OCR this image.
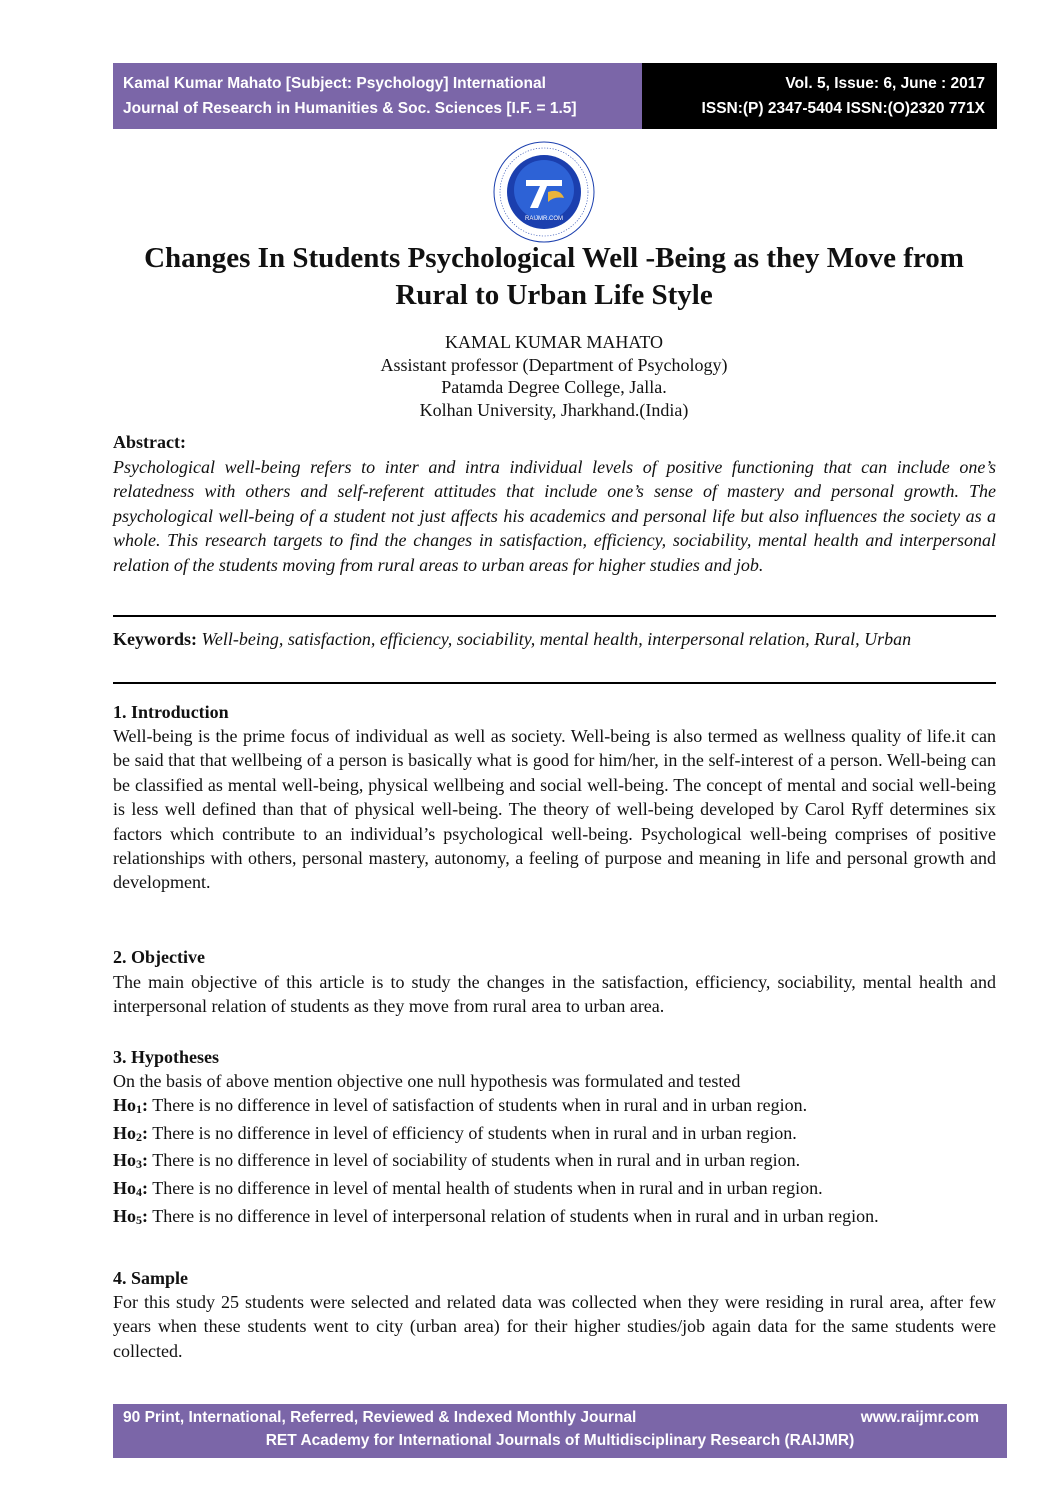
Kamal Kumar Mahato [Subject: Psychology] International
Journal of Research in Humanities & Soc. Sciences [I.F. = 1.5]
Vol. 5, Issue: 6, June : 2017
ISSN:(P) 2347-5404 ISSN:(O)2320 771X
RAIJMR.COM
Changes In Students Psychological Well -Being as they Move from Rural to Urban Life Style
KAMAL KUMAR MAHATO
Assistant professor (Department of Psychology)
Patamda Degree College, Jalla.
Kolhan University, Jharkhand.(India)
Abstract:

Psychological well-being refers to inter and intra individual levels of positive functioning that can include one’s relatedness with others and self-referent attitudes that include one’s sense of mastery and personal growth. The psychological well-being of a student not just affects his academics and personal life but also influences the society as a whole. This research targets to find the changes in satisfaction, efficiency, sociability, mental health and interpersonal relation of the students moving from rural areas to urban areas for higher studies and job.

Keywords: Well-being, satisfaction, efficiency, sociability, mental health, interpersonal relation, Rural, Urban

1. Introduction

Well-being is the prime focus of individual as well as society. Well-being is also termed as wellness quality of life.it can be said that that wellbeing of a person is basically what is good for him/her, in the self-interest of a person. Well-being can be classified as mental well-being, physical wellbeing and social well-being. The concept of mental and social well-being is less well defined than that of physical well-being. The theory of well-being developed by Carol Ryff determines six factors which contribute to an individual’s psychological well-being. Psychological well-being comprises of positive relationships with others, personal mastery, autonomy, a feeling of purpose and meaning in life and personal growth and development.

2. Objective

The main objective of this article is to study the changes in the satisfaction, efficiency, sociability, mental health and interpersonal relation of students as they move from rural area to urban area.

3. Hypotheses
On the basis of above mention objective one null hypothesis was formulated and tested
$Ho_1$: There is no difference in level of satisfaction of students when in rural and in urban region.
$Ho_2$: There is no difference in level of efficiency of students when in rural and in urban region.
$Ho_3$: There is no difference in level of sociability of students when in rural and in urban region.
$Ho_4$: There is no difference in level of mental health of students when in rural and in urban region.
$Ho_5$: There is no difference in level of interpersonal relation of students when in rural and in urban region.
4. Sample

For this study 25 students were selected and related data was collected when they were residing in rural area, after few years when these students went to city (urban area) for their higher studies/job again data for the same students were collected.

90 Print, International, Referred, Reviewed & Indexed Monthly Journal	www.raijmr.com
RET Academy for International Journals of Multidisciplinary Research (RAIJMR)
